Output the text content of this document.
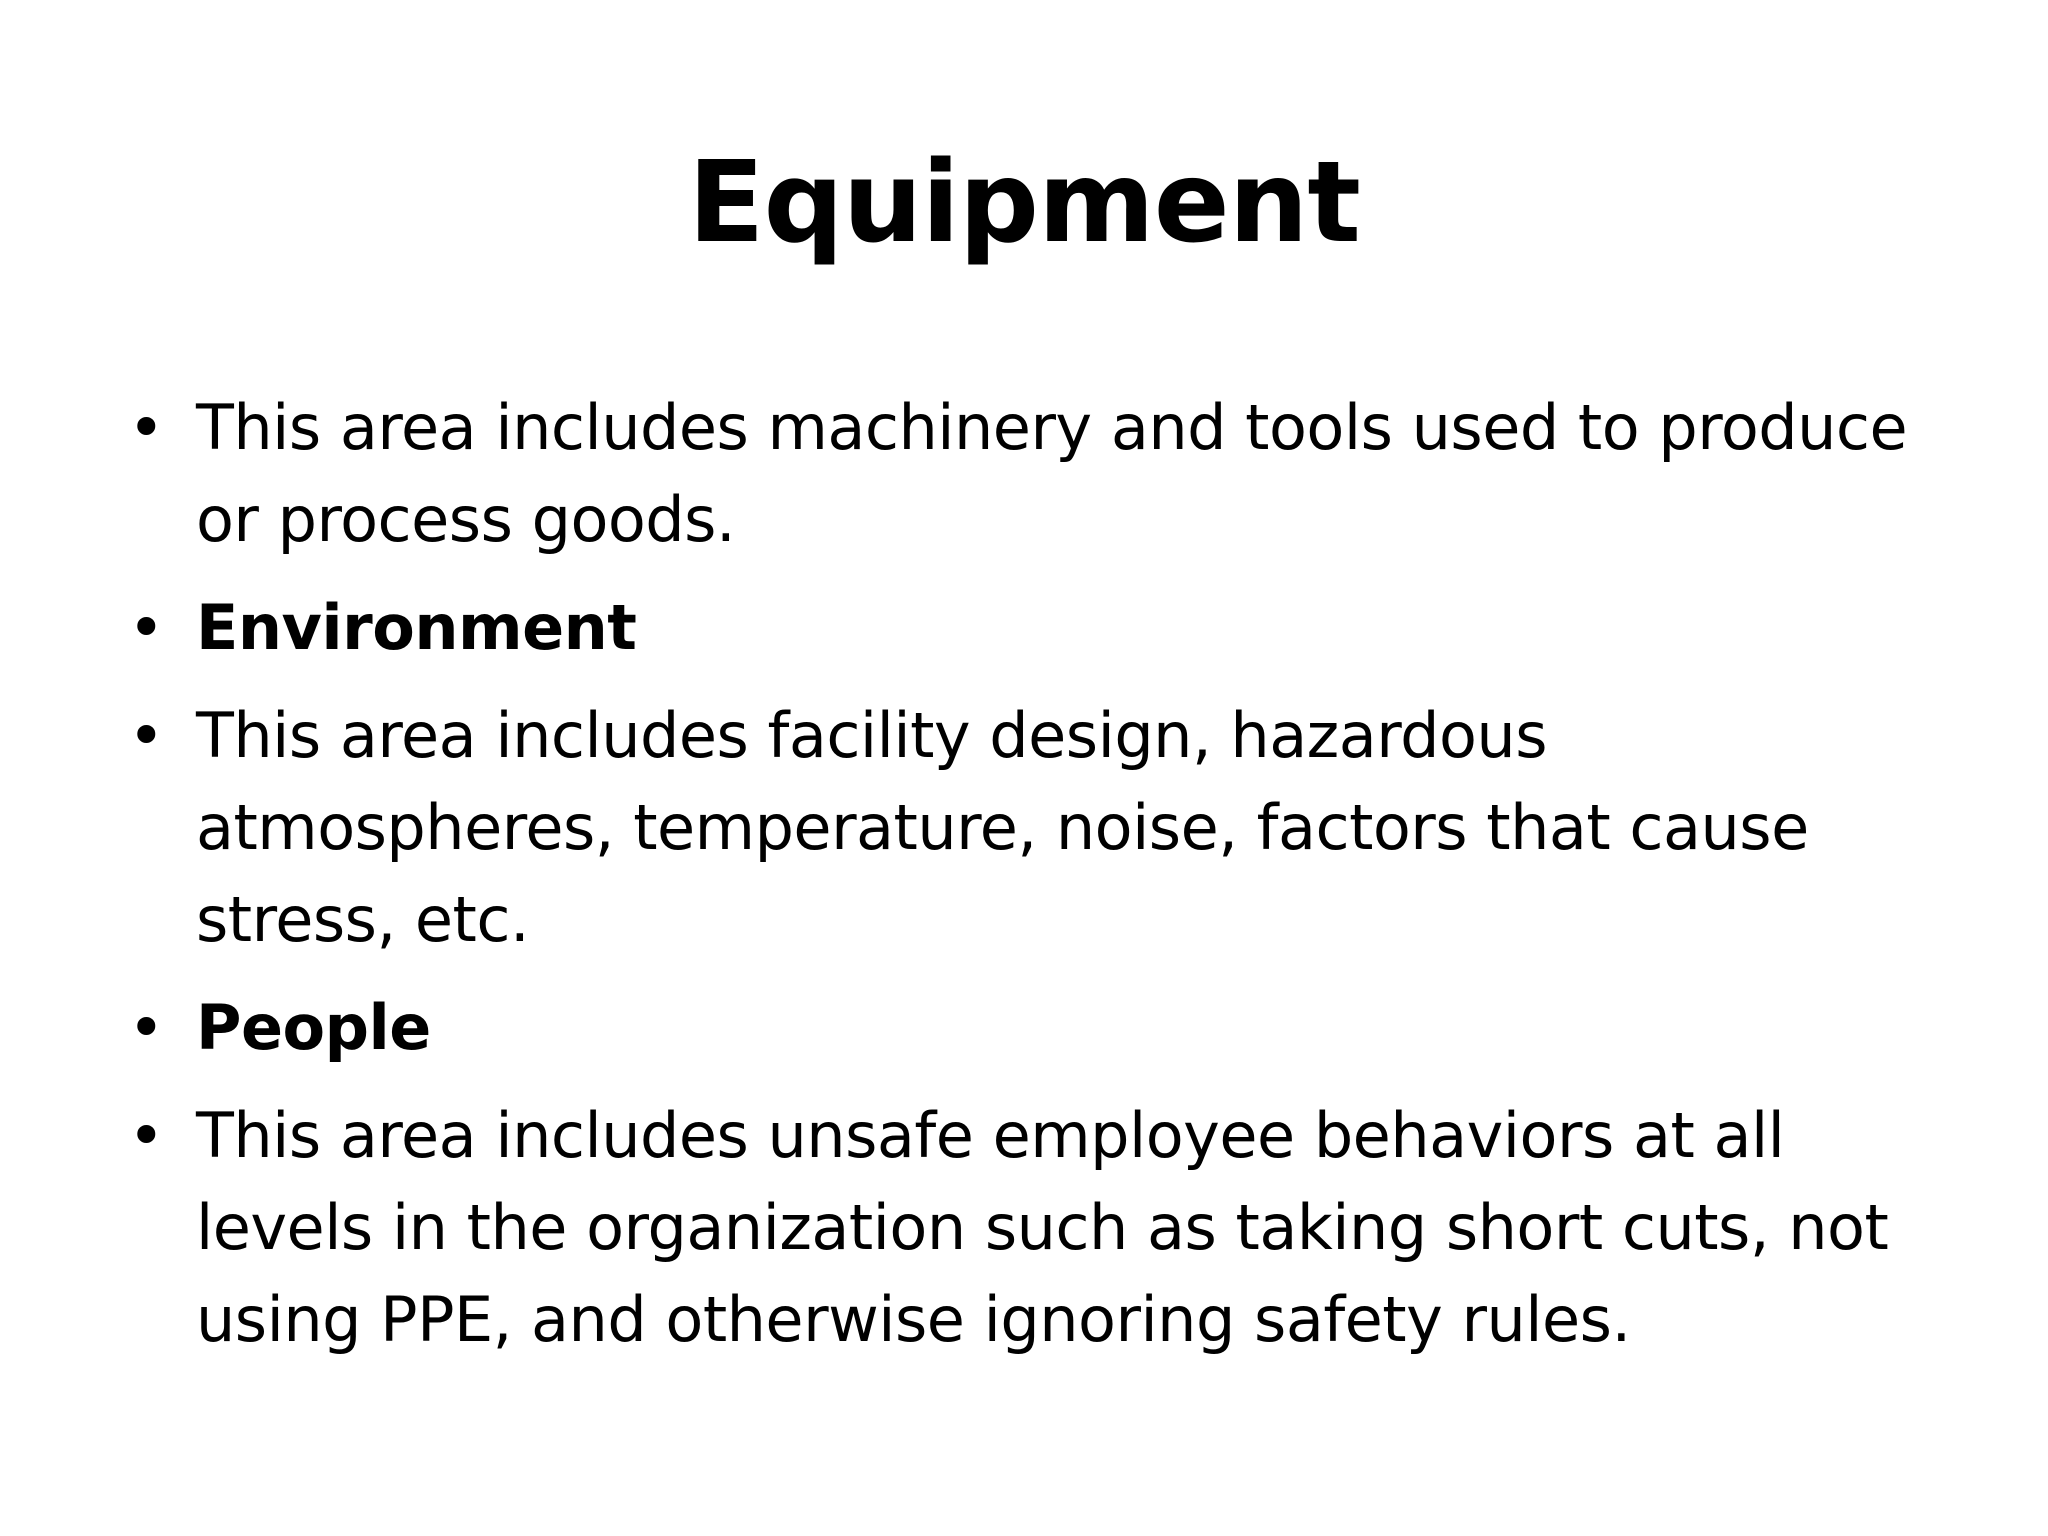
Equipment
• This area includes machinery and tools used to produce or process goods.
• Environment
• This area includes facility design, hazardous atmospheres, temperature, noise, factors that cause stress, etc.
• People
• This area includes unsafe employee behaviors at all levels in the organization such as taking short cuts, not using PPE, and otherwise ignoring safety rules.
